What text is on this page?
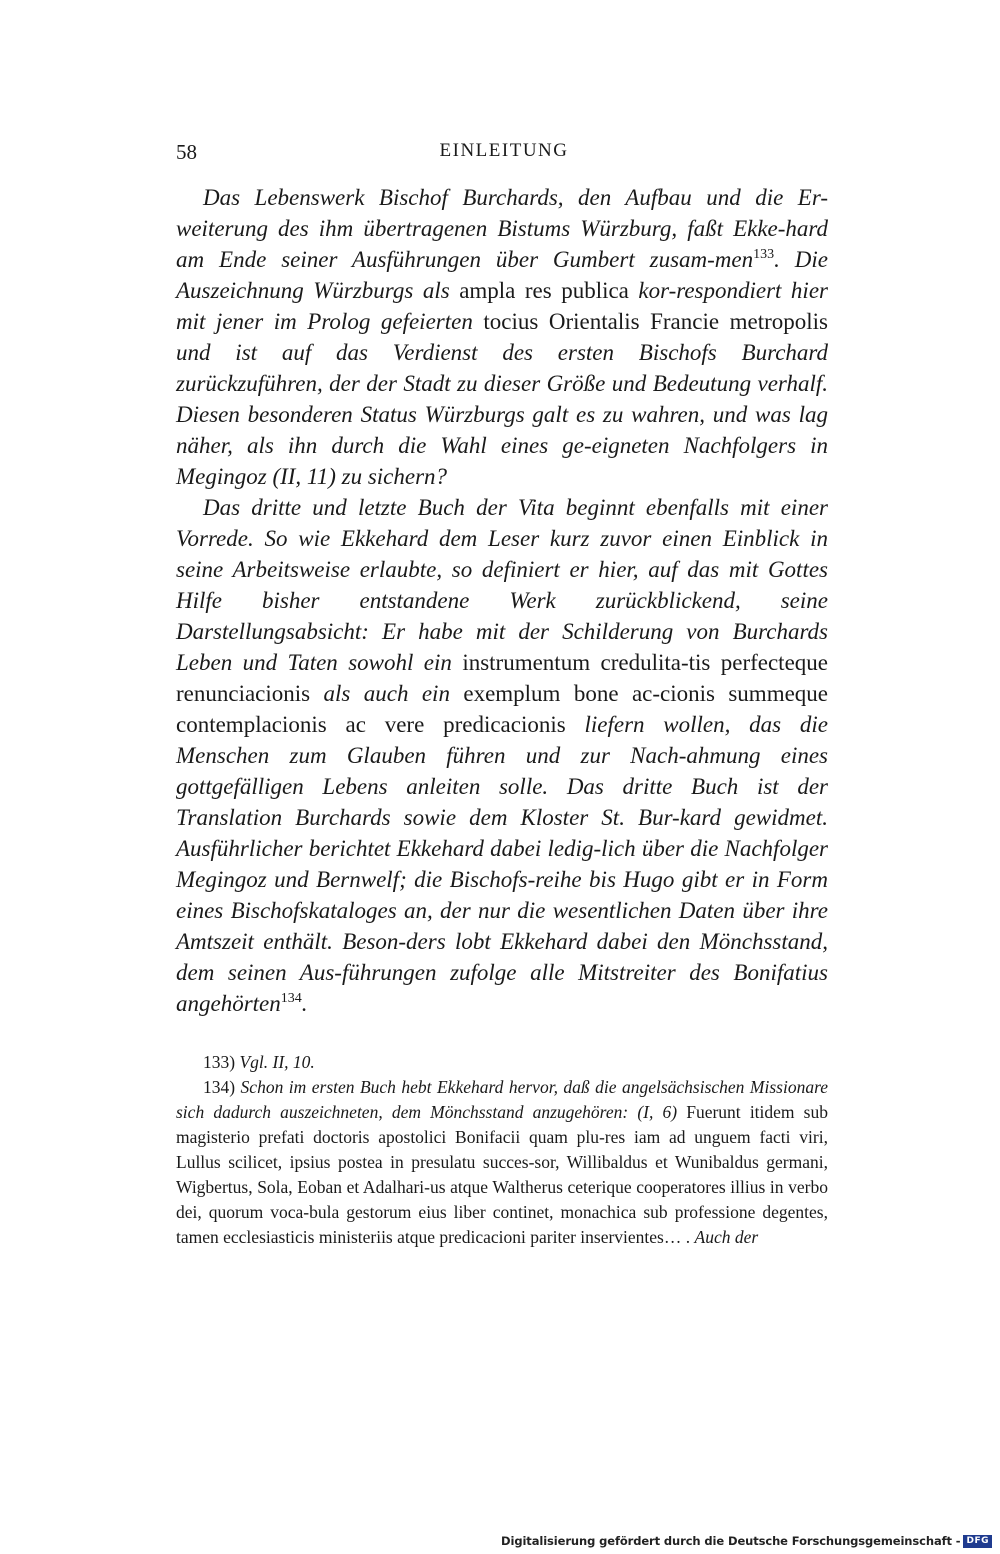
58	EINLEITUNG

Das Lebenswerk Bischof Burchards, den Aufbau und die Er-weiterung des ihm übertragenen Bistums Würzburg, faßt Ekke-hard am Ende seiner Ausführungen über Gumbert zusam-men$^{133}$. Die Auszeichnung Würzburgs als ampla res publica kor-respondiert hier mit jener im Prolog gefeierten tocius Orientalis Francie metropolis und ist auf das Verdienst des ersten Bischofs Burchard zurückzuführen, der der Stadt zu dieser Größe und Bedeutung verhalf. Diesen besonderen Status Würzburgs galt es zu wahren, und was lag näher, als ihn durch die Wahl eines ge-eigneten Nachfolgers in Megingoz (II, 11) zu sichern?

Das dritte und letzte Buch der Vita beginnt ebenfalls mit einer Vorrede. So wie Ekkehard dem Leser kurz zuvor einen Einblick in seine Arbeitsweise erlaubte, so definiert er hier, auf das mit Gottes Hilfe bisher entstandene Werk zurückblickend, seine Darstellungsabsicht: Er habe mit der Schilderung von Burchards Leben und Taten sowohl ein instrumentum credulita-tis perfecteque renunciacionis als auch ein exemplum bone ac-cionis summeque contemplacionis ac vere predicacionis liefern wollen, das die Menschen zum Glauben führen und zur Nach-ahmung eines gottgefälligen Lebens anleiten solle. Das dritte Buch ist der Translation Burchards sowie dem Kloster St. Bur-kard gewidmet. Ausführlicher berichtet Ekkehard dabei ledig-lich über die Nachfolger Megingoz und Bernwelf; die Bischofs-reihe bis Hugo gibt er in Form eines Bischofskataloges an, der nur die wesentlichen Daten über ihre Amtszeit enthält. Beson-ders lobt Ekkehard dabei den Mönchsstand, dem seinen Aus-führungen zufolge alle Mitstreiter des Bonifatius angehörten$^{134}$.

133) Vgl. II, 10.

134) Schon im ersten Buch hebt Ekkehard hervor, daß die angelsächsischen Missionare sich dadurch auszeichneten, dem Mönchsstand anzugehören: (I, 6) Fuerunt itidem sub magisterio prefati doctoris apostolici Bonifacii quam plu-res iam ad unguem facti viri, Lullus scilicet, ipsius postea in presulatu succes-sor, Willibaldus et Wunibaldus germani, Wigbertus, Sola, Eoban et Adalhari-us atque Waltherus ceterique cooperatores illius in verbo dei, quorum voca-bula gestorum eius liber continet, monachica sub professione degentes, tamen ecclesiasticis ministeriis atque predicacioni pariter inservientes… . Auch der

Digitalisierung gefördert durch die Deutsche Forschungsgemeinschaft - DFG
